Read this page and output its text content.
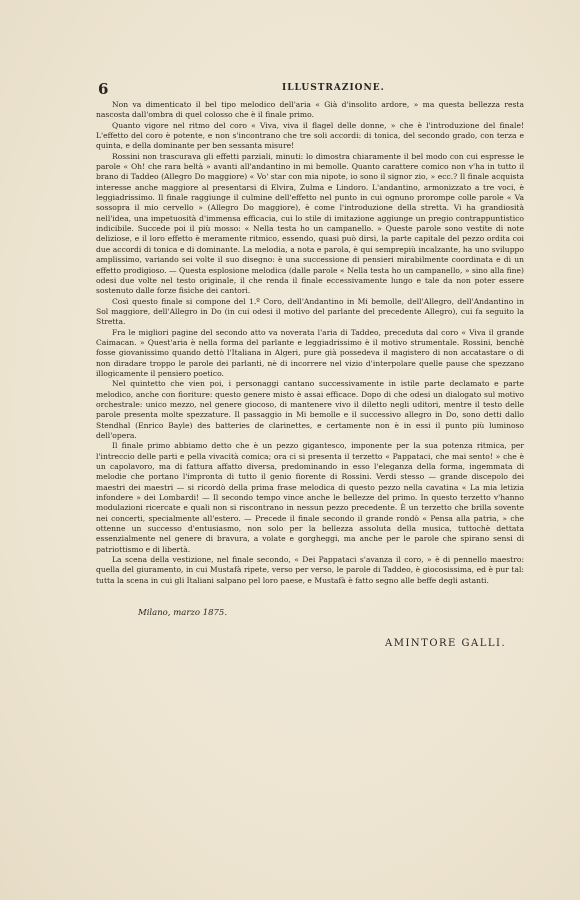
6	ILLUSTRAZIONE.

Non va dimenticato il bel tipo melodico dell'aria « Già d'insolito ardore, » ma questa bellezza resta nascosta dall'ombra di quel colosso che è il finale primo.

Quanto vigore nel ritmo del coro « Viva, viva il flagel delle donne, » che è l'introduzione del finale! L'effetto del coro è potente, e non s'incontrano che tre soli accordi: di tonica, del secondo grado, con terza e quinta, e della dominante per ben sessanta misure!

Rossini non trascurava gli effetti parziali, minuti: lo dimostra chiaramente il bel modo con cui espresse le parole « Oh! che rara beltà » avanti all'andantino in mi bemolle. Quanto carattere comico non v'ha in tutto il brano di Taddeo (Allegro Do maggiore) « Vo' star con mia nipote, io sono il signor zio, » ecc.? Il finale acquista interesse anche maggiore al presentarsi di Elvira, Zulma e Lindoro. L'andantino, armonizzato a tre voci, è leggiadrissimo. Il finale raggiunge il culmine dell'effetto nel punto in cui ognuno prorompe colle parole « Va sossopra il mio cervello » (Allegro Do maggiore), è come l'introduzione della stretta. Vi ha grandiosità nell'idea, una impetuosità d'immensa efficacia, cui lo stile di imitazione aggiunge un pregio contrappuntistico indicibile. Succede poi il più mosso: « Nella testa ho un campanello. » Queste parole sono vestite di note deliziose, e il loro effetto è meramente ritmico, essendo, quasi può dirsi, la parte capitale del pezzo ordita coi due accordi di tonica e di dominante. La melodia, a nota e parola, è qui semprepiù incalzante, ha uno sviluppo amplissimo, variando sei volte il suo disegno: è una successione di pensieri mirabilmente coordinata e di un effetto prodigioso. — Questa esplosione melodica (dalle parole « Nella testa ho un campanello, » sino alla fine) odesi due volte nel testo originale, il che renda il finale eccessivamente lungo e tale da non poter essere sostenuto dalle forze fisiche dei cantori.

Così questo finale si compone del 1.º Coro, dell'Andantino in Mi bemolle, dell'Allegro, dell'Andantino in Sol maggiore, dell'Allegro in Do (in cui odesi il motivo del parlante del precedente Allegro), cui fa seguito la Stretta.

Fra le migliori pagine del secondo atto va noverata l'aria di Taddeo, preceduta dal coro « Viva il grande Caimacan. » Quest'aria è nella forma del parlante e leggiadrissimo è il motivo strumentale. Rossini, benchè fosse giovanissimo quando dettò l'Italiana in Algeri, pure già possedeva il magistero di non accatastare o di non diradare troppo le parole dei parlanti, nè di incorrere nel vizio d'interpolare quelle pause che spezzano illogicamente il pensiero poetico.

Nel quintetto che vien poi, i personaggi cantano successivamente in istile parte declamato e parte melodico, anche con fioriture: questo genere misto è assai efficace. Dopo di che odesi un dialogato sul motivo orchestrale: unico mezzo, nel genere giocoso, di mantenere vivo il diletto negli uditori, mentre il testo delle parole presenta molte spezzature. Il passaggio in Mi bemolle e il successivo allegro in Do, sono detti dallo Stendhal (Enrico Bayle) des batteries de clarinettes, e certamente non è in essi il punto più luminoso dell'opera.

Il finale primo abbiamo detto che è un pezzo gigantesco, imponente per la sua potenza ritmica, per l'intreccio delle parti e pella vivacità comica; ora ci si presenta il terzetto « Pappataci, che mai sento! » che è un capolavoro, ma di fattura affatto diversa, predominando in esso l'eleganza della forma, ingemmata di melodie che portano l'impronta di tutto il genio fiorente di Rossini. Verdi stesso — grande discepolo dei maestri dei maestri — si ricordò della prima frase melodica di questo pezzo nella cavatina « La mia letizia infondere » dei Lombardi! — Il secondo tempo vince anche le bellezze del primo. In questo terzetto v'hanno modulazioni ricercate e quali non si riscontrano in nessun pezzo precedente. È un terzetto che brilla sovente nei concerti, specialmente all'estero. — Precede il finale secondo il grande rondò « Pensa alla patria, » che ottenne un successo d'entusiasmo, non solo per la bellezza assoluta della musica, tuttochè dettata essenzialmente nel genere di bravura, a volate e gorgheggi, ma anche per le parole che spirano sensi di patriottismo e di libertà.

La scena della vestizione, nel finale secondo, « Dei Pappataci s'avanza il coro, » è di pennello maestro: quella del giuramento, in cui Mustafà ripete, verso per verso, le parole di Taddeo, è giocosissima, ed è pur tal: tutta la scena in cui gli Italiani salpano pel loro paese, e Mustafà è fatto segno alle beffe degli astanti.

Milano, marzo 1875.
AMINTORE GALLI.
